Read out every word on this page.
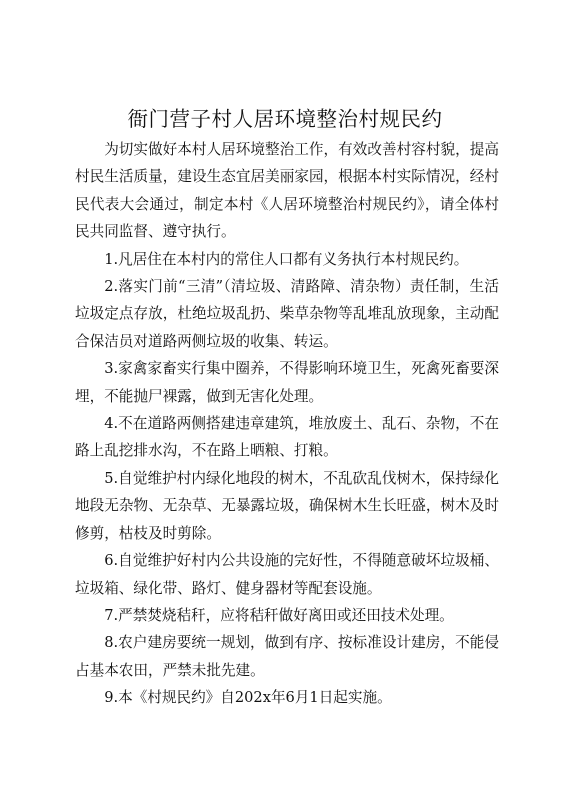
衙门营子村人居环境整治村规民约

为切实做好本村人居环境整治工作，有效改善村容村貌，提高村民生活质量，建设生态宜居美丽家园，根据本村实际情况，经村民代表大会通过，制定本村《人居环境整治村规民约》，请全体村民共同监督、遵守执行。

1.凡居住在本村内的常住人口都有义务执行本村规民约。

2.落实门前“三清”（清垃圾、清路障、清杂物）责任制，生活垃圾定点存放，杜绝垃圾乱扔、柴草杂物等乱堆乱放现象，主动配合保洁员对道路两侧垃圾的收集、转运。

3.家禽家畜实行集中圈养，不得影响环境卫生，死禽死畜要深埋，不能抛尸裸露，做到无害化处理。

4.不在道路两侧搭建违章建筑，堆放废土、乱石、杂物，不在路上乱挖排水沟，不在路上晒粮、打粮。

5.自觉维护村内绿化地段的树木，不乱砍乱伐树木，保持绿化地段无杂物、无杂草、无暴露垃圾，确保树木生长旺盛，树木及时修剪，枯枝及时剪除。

6.自觉维护好村内公共设施的完好性，不得随意破坏垃圾桶、垃圾箱、绿化带、路灯、健身器材等配套设施。

7.严禁焚烧秸秆，应将秸秆做好离田或还田技术处理。

8.农户建房要统一规划，做到有序、按标准设计建房，不能侵占基本农田，严禁未批先建。

9.本《村规民约》自202x年6月1日起实施。
